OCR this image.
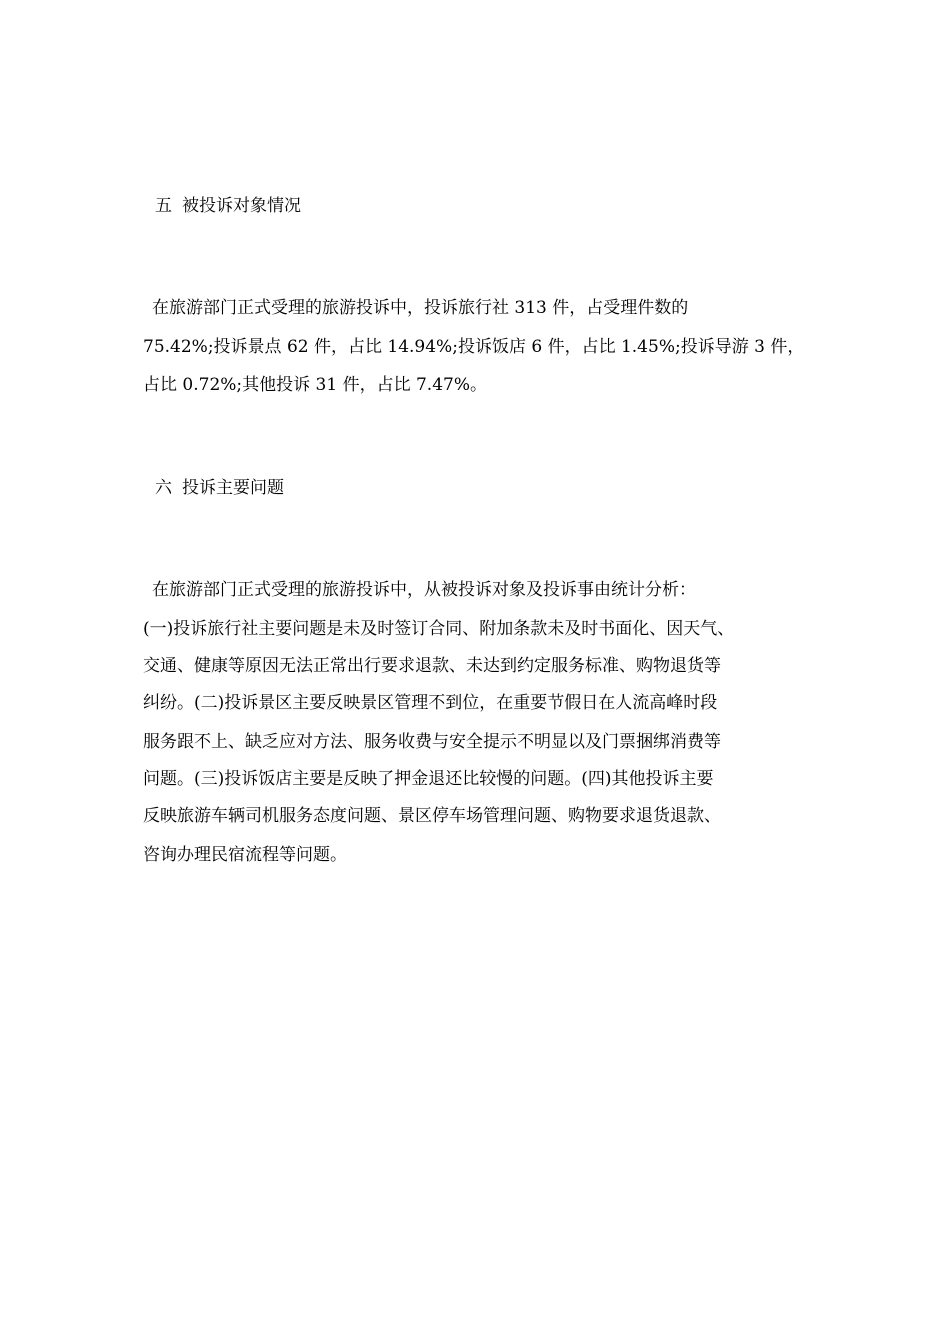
五 被投诉对象情况
在旅游部门正式受理的旅游投诉中，投诉旅行社 313 件，占受理件数的
75.42%;投诉景点 62 件，占比 14.94%;投诉饭店 6 件，占比 1.45%;投诉导游 3 件，
占比 0.72%;其他投诉 31 件，占比 7.47%。
六 投诉主要问题
在旅游部门正式受理的旅游投诉中，从被投诉对象及投诉事由统计分析：
(一)投诉旅行社主要问题是未及时签订合同、附加条款未及时书面化、因天气、
交通、健康等原因无法正常出行要求退款、未达到约定服务标准、购物退货等
纠纷。(二)投诉景区主要反映景区管理不到位，在重要节假日在人流高峰时段
服务跟不上、缺乏应对方法、服务收费与安全提示不明显以及门票捆绑消费等
问题。(三)投诉饭店主要是反映了押金退还比较慢的问题。(四)其他投诉主要
反映旅游车辆司机服务态度问题、景区停车场管理问题、购物要求退货退款、
咨询办理民宿流程等问题。
